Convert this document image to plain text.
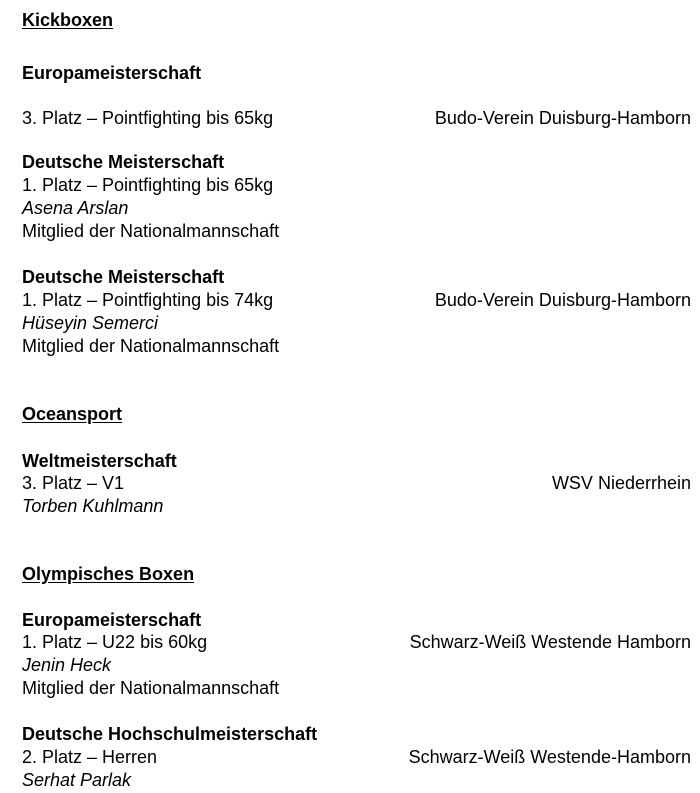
Kickboxen
Europameisterschaft
3. Platz – Pointfighting bis 65kg	Budo-Verein Duisburg-Hamborn
Deutsche Meisterschaft
1. Platz – Pointfighting bis 65kg
Asena Arslan
Mitglied der Nationalmannschaft
Deutsche Meisterschaft
1. Platz – Pointfighting bis 74kg	Budo-Verein Duisburg-Hamborn
Hüseyin Semerci
Mitglied der Nationalmannschaft
Oceansport
Weltmeisterschaft
3. Platz – V1	WSV Niederrhein
Torben Kuhlmann
Olympisches Boxen
Europameisterschaft
1. Platz – U22 bis 60kg	Schwarz-Weiß Westende Hamborn
Jenin Heck
Mitglied der Nationalmannschaft
Deutsche Hochschulmeisterschaft
2. Platz – Herren	Schwarz-Weiß Westende-Hamborn
Serhat Parlak
